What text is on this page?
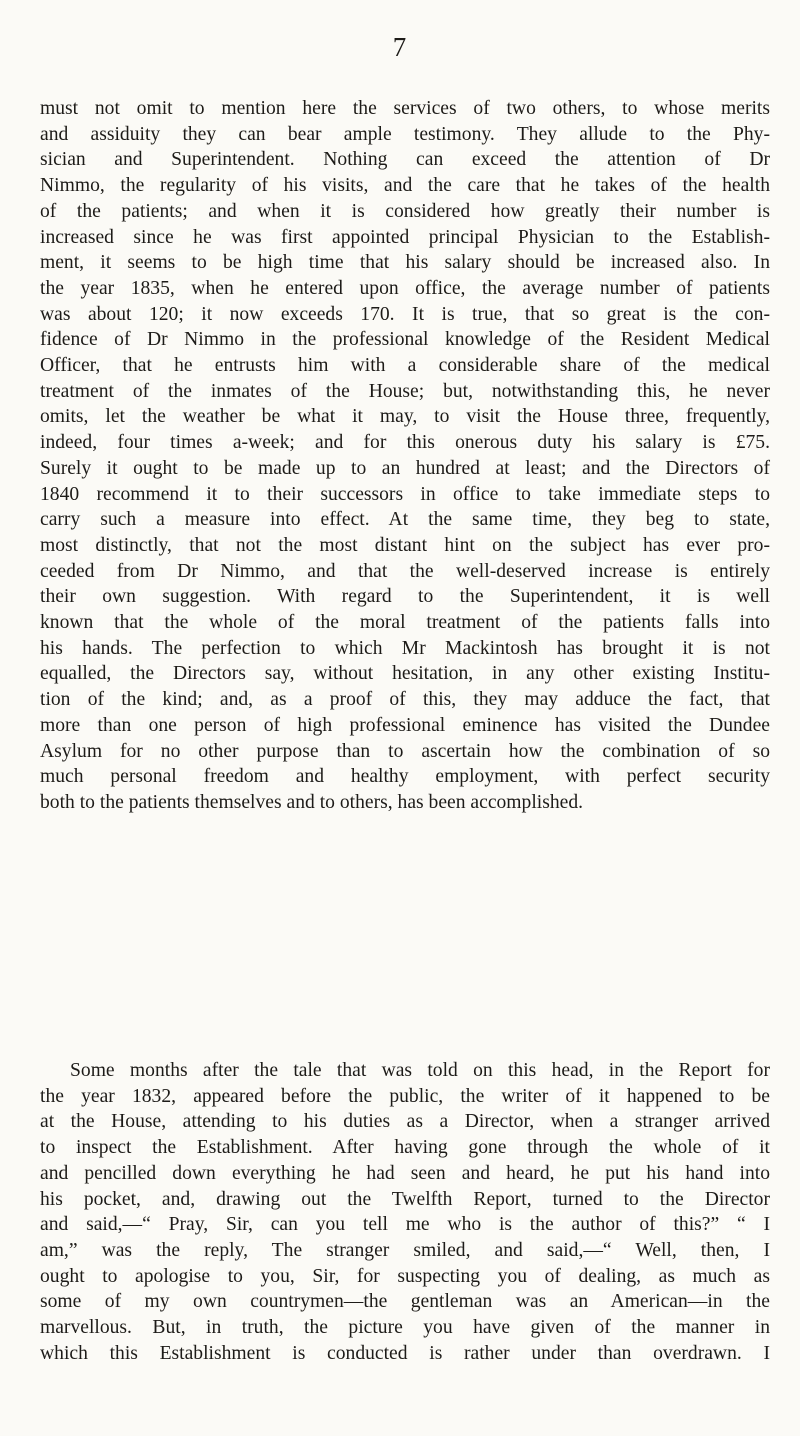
7
must not omit to mention here the services of two others, to whose merits
and assiduity they can bear ample testimony. They allude to the Phy-
sician and Superintendent. Nothing can exceed the attention of Dr
Nimmo, the regularity of his visits, and the care that he takes of the health
of the patients; and when it is considered how greatly their number is
increased since he was first appointed principal Physician to the Establish-
ment, it seems to be high time that his salary should be increased also. In
the year 1835, when he entered upon office, the average number of patients
was about 120; it now exceeds 170. It is true, that so great is the con-
fidence of Dr Nimmo in the professional knowledge of the Resident Medical
Officer, that he entrusts him with a considerable share of the medical
treatment of the inmates of the House; but, notwithstanding this, he never
omits, let the weather be what it may, to visit the House three, frequently,
indeed, four times a-week; and for this onerous duty his salary is £75.
Surely it ought to be made up to an hundred at least; and the Directors of
1840 recommend it to their successors in office to take immediate steps to
carry such a measure into effect. At the same time, they beg to state,
most distinctly, that not the most distant hint on the subject has ever pro-
ceeded from Dr Nimmo, and that the well-deserved increase is entirely
their own suggestion. With regard to the Superintendent, it is well
known that the whole of the moral treatment of the patients falls into
his hands. The perfection to which Mr Mackintosh has brought it is not
equalled, the Directors say, without hesitation, in any other existing Institu-
tion of the kind; and, as a proof of this, they may adduce the fact, that
more than one person of high professional eminence has visited the Dundee
Asylum for no other purpose than to ascertain how the combination of so
much personal freedom and healthy employment, with perfect security
both to the patients themselves and to others, has been accomplished.
Some months after the tale that was told on this head, in the Report for
the year 1832, appeared before the public, the writer of it happened to be
at the House, attending to his duties as a Director, when a stranger arrived
to inspect the Establishment. After having gone through the whole of it
and pencilled down everything he had seen and heard, he put his hand into
his pocket, and, drawing out the Twelfth Report, turned to the Director
and said,—“ Pray, Sir, can you tell me who is the author of this?” “ I
am,” was the reply, The stranger smiled, and said,—“ Well, then, I
ought to apologise to you, Sir, for suspecting you of dealing, as much as
some of my own countrymen—the gentleman was an American—in the
marvellous. But, in truth, the picture you have given of the manner in
which this Establishment is conducted is rather under than overdrawn. I
